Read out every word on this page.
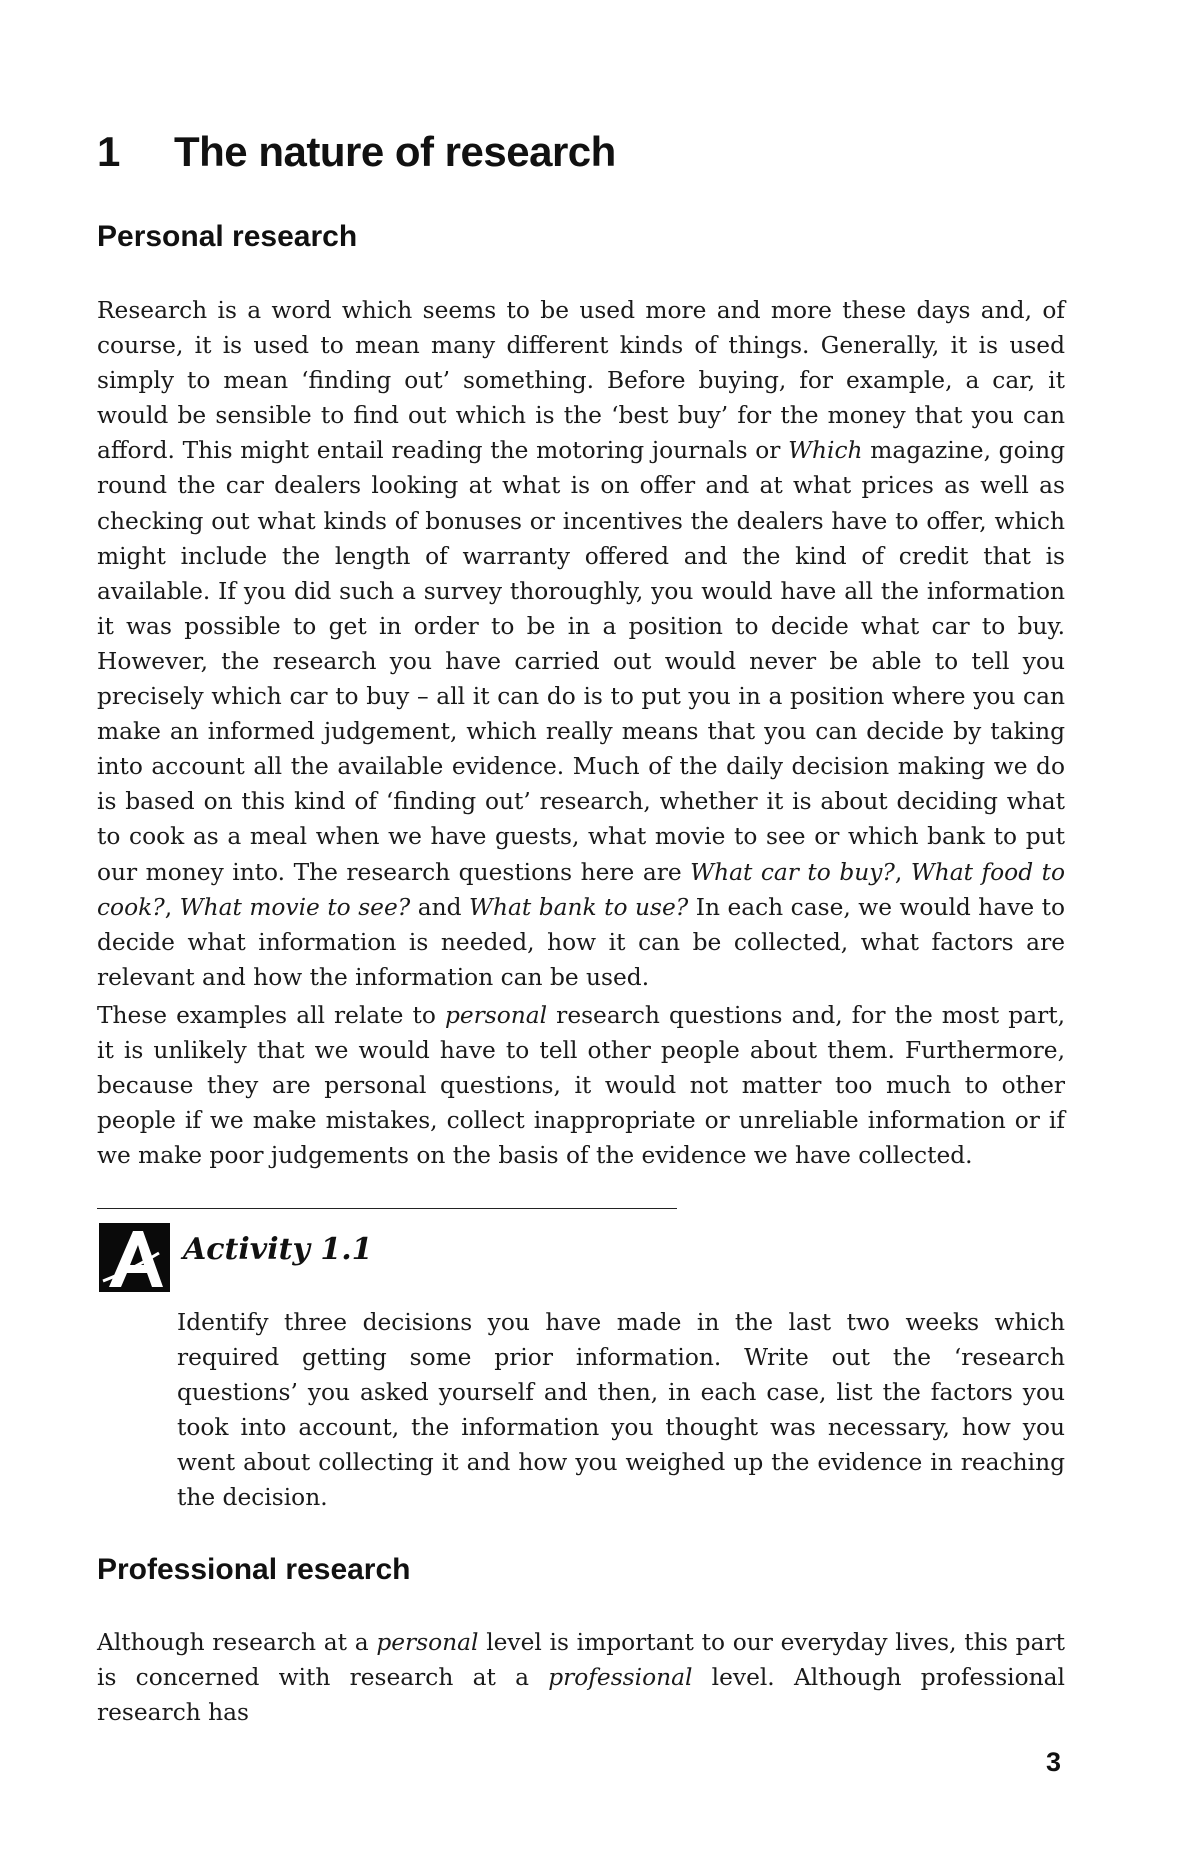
1 The nature of research
Personal research

Research is a word which seems to be used more and more these days and, of course, it is used to mean many different kinds of things. Generally, it is used simply to mean ‘finding out’ something. Before buying, for example, a car, it would be sensible to find out which is the ‘best buy’ for the money that you can afford. This might entail reading the motoring journals or Which magazine, going round the car dealers looking at what is on offer and at what prices as well as checking out what kinds of bonuses or incentives the dealers have to offer, which might include the length of warranty offered and the kind of credit that is available. If you did such a survey thoroughly, you would have all the information it was possible to get in order to be in a position to decide what car to buy. However, the research you have carried out would never be able to tell you precisely which car to buy – all it can do is to put you in a position where you can make an informed judgement, which really means that you can decide by taking into account all the available evidence. Much of the daily decision making we do is based on this kind of ‘finding out’ research, whether it is about deciding what to cook as a meal when we have guests, what movie to see or which bank to put our money into. The research questions here are What car to buy?, What food to cook?, What movie to see? and What bank to use? In each case, we would have to decide what information is needed, how it can be collected, what factors are relevant and how the information can be used.

These examples all relate to personal research questions and, for the most part, it is unlikely that we would have to tell other people about them. Furthermore, because they are personal questions, it would not matter too much to other people if we make mistakes, collect inappropriate or unreliable information or if we make poor judgements on the basis of the evidence we have collected.

Activity 1.1

Identify three decisions you have made in the last two weeks which required getting some prior information. Write out the ‘research questions’ you asked yourself and then, in each case, list the factors you took into account, the information you thought was necessary, how you went about collecting it and how you weighed up the evidence in reaching the decision.

Professional research

Although research at a personal level is important to our everyday lives, this part is concerned with research at a professional level. Although professional research has

3
